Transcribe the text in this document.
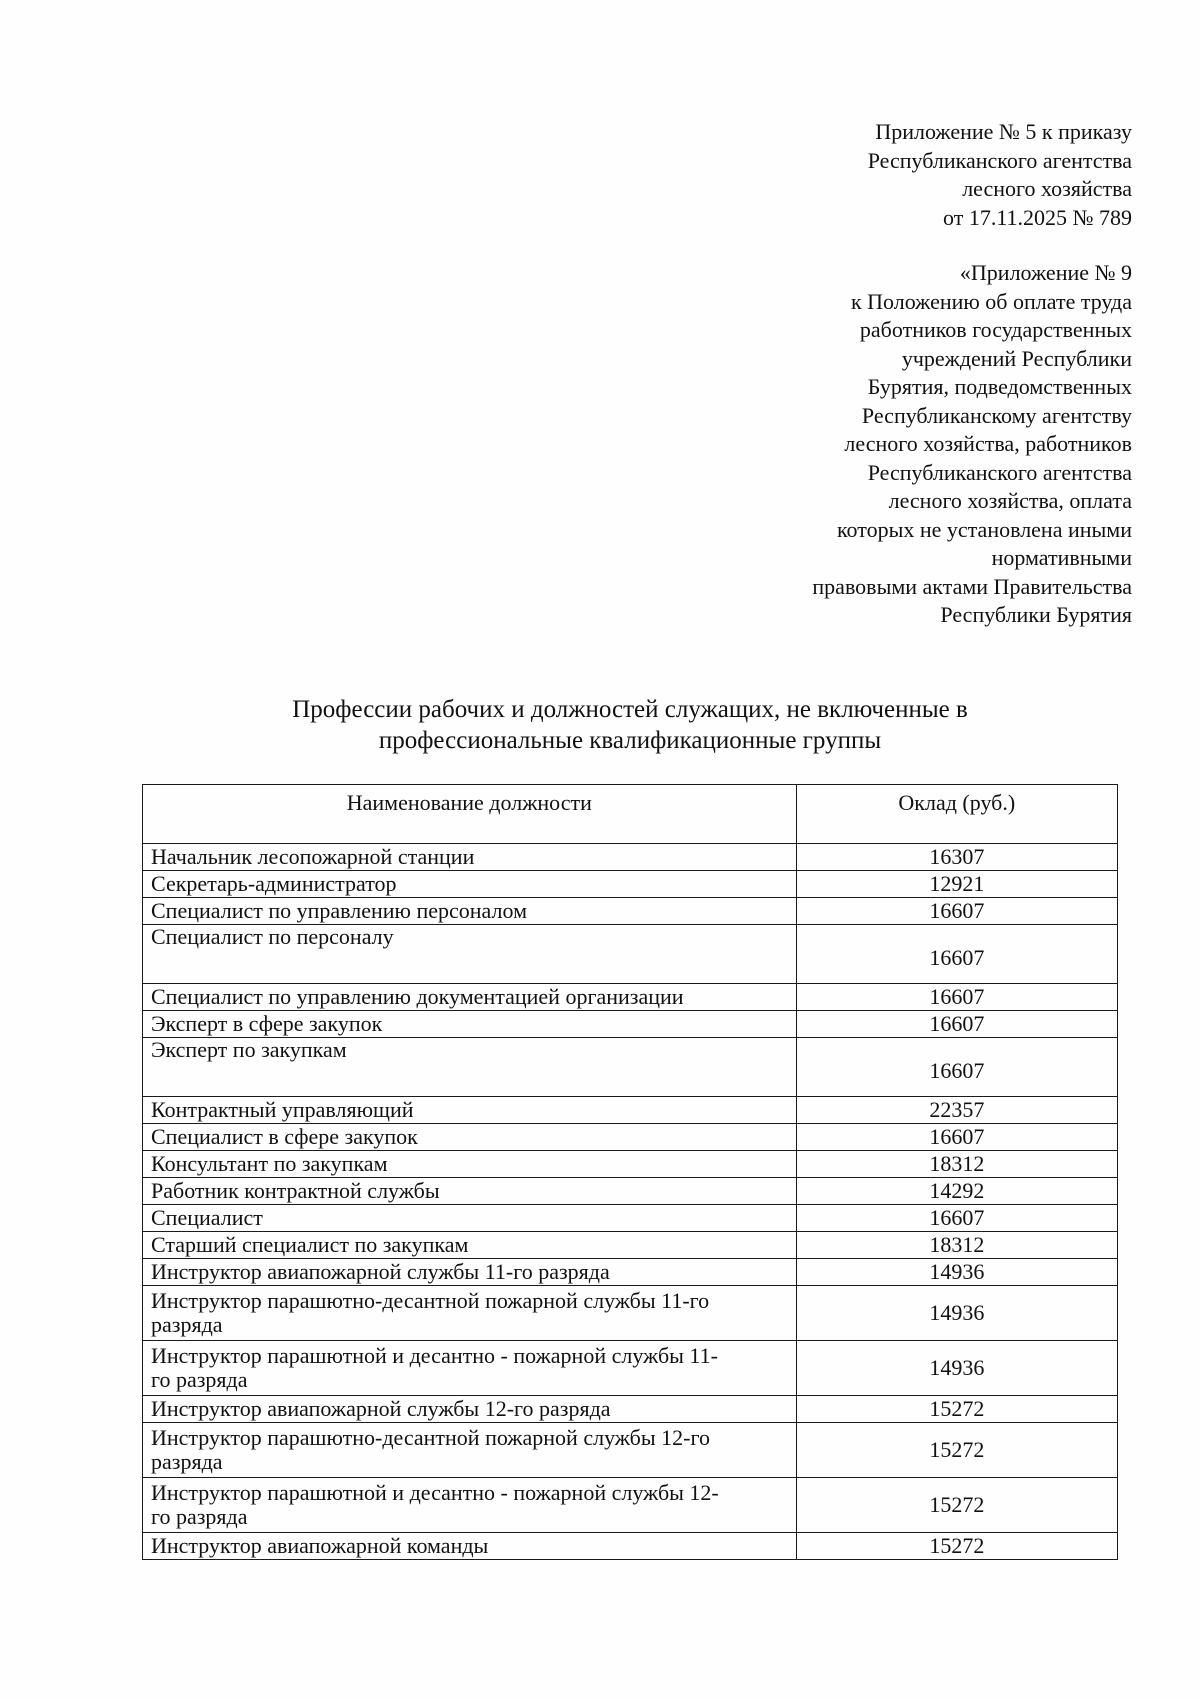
Приложение № 5 к приказу
Республиканского агентства
лесного хозяйства
от 17.11.2025 № 789
«Приложение № 9
к Положению об оплате труда
работников государственных
учреждений Республики
Бурятия, подведомственных
Республиканскому агентству
лесного хозяйства, работников
Республиканского агентства
лесного хозяйства, оплата
которых не установлена иными
нормативными
правовыми актами Правительства
Республики Бурятия
Профессии рабочих и должностей служащих, не включенные в
профессиональные квалификационные группы
Наименование должности	Оклад (руб.)
Начальник лесопожарной станции	16307
Секретарь-администратор	12921
Специалист по управлению персоналом	16607
Специалист по персоналу	16607
Специалист по управлению документацией организации	16607
Эксперт в сфере закупок	16607
Эксперт по закупкам	16607
Контрактный управляющий	22357
Специалист в сфере закупок	16607
Консультант по закупкам	18312
Работник контрактной службы	14292
Специалист	16607
Старший специалист по закупкам	18312
Инструктор авиапожарной службы 11-го разряда	14936
Инструктор парашютно-десантной пожарной службы 11-го
разряда	14936
Инструктор парашютной и десантно - пожарной службы 11-
го разряда	14936
Инструктор авиапожарной службы 12-го разряда	15272
Инструктор парашютно-десантной пожарной службы 12-го
разряда	15272
Инструктор парашютной и десантно - пожарной службы 12-
го разряда	15272
Инструктор авиапожарной команды	15272
